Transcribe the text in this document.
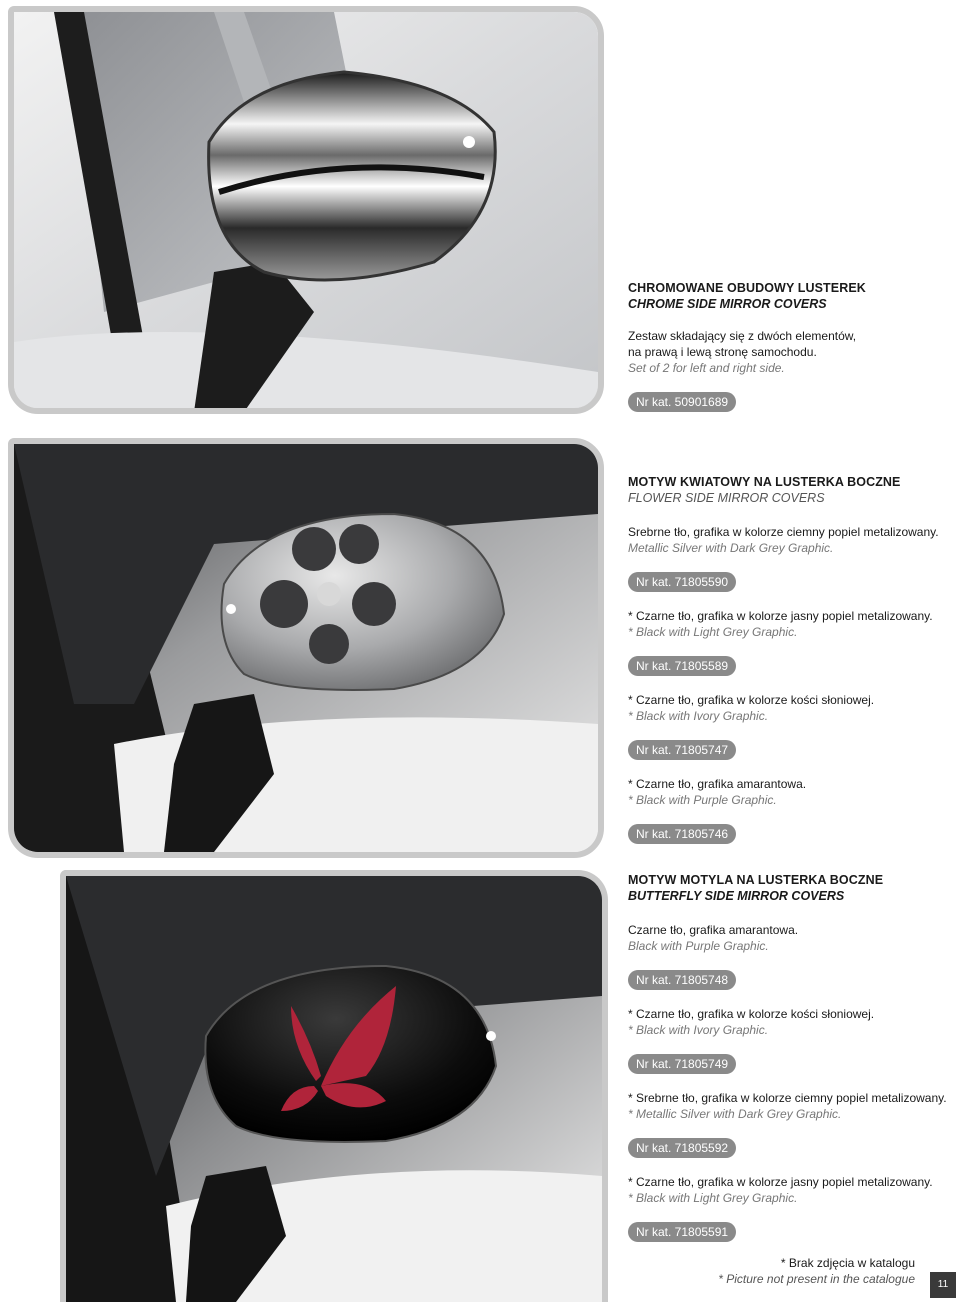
CHROMOWANE OBUDOWY LUSTEREK
CHROME SIDE MIRROR COVERS
Zestaw składający się z dwóch elementów,
na prawą i lewą stronę samochodu.
Set of 2 for left and right side.
Nr kat. 50901689
MOTYW KWIATOWY NA LUSTERKA BOCZNE
FLOWER SIDE MIRROR COVERS
Srebrne tło, grafika w kolorze ciemny popiel metalizowany.
Metallic Silver with Dark Grey Graphic.
Nr kat. 71805590
* Czarne tło, grafika w kolorze jasny popiel metalizowany.
* Black with Light Grey Graphic.
Nr kat. 71805589
* Czarne tło, grafika w kolorze kości słoniowej.
* Black with Ivory Graphic.
Nr kat. 71805747
* Czarne tło, grafika amarantowa.
* Black with Purple Graphic.
Nr kat. 71805746
MOTYW MOTYLA NA LUSTERKA BOCZNE
BUTTERFLY SIDE MIRROR COVERS
Czarne tło, grafika amarantowa.
Black with Purple Graphic.
Nr kat. 71805748
* Czarne tło, grafika w kolorze kości słoniowej.
* Black with Ivory Graphic.
Nr kat. 71805749
* Srebrne tło, grafika w kolorze ciemny popiel metalizowany.
* Metallic Silver with Dark Grey Graphic.
Nr kat. 71805592
* Czarne tło, grafika w kolorze jasny popiel metalizowany.
* Black with Light Grey Graphic.
Nr kat. 71805591
* Brak zdjęcia w katalogu
* Picture not present in the catalogue	11
